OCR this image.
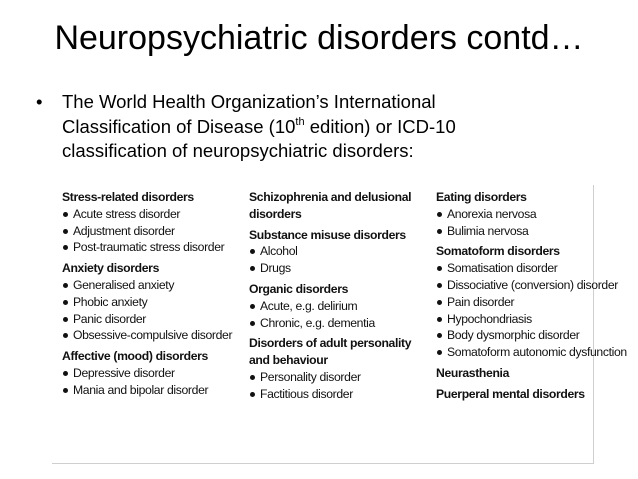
Neuropsychiatric disorders contd…
•	The World Health Organization’s International
Classification of Disease (10th edition) or ICD-10
classification of neuropsychiatric disorders:
Stress-related disorders
Acute stress disorder
Adjustment disorder
Post-traumatic stress disorder
Anxiety disorders
Generalised anxiety
Phobic anxiety
Panic disorder
Obsessive-compulsive disorder
Affective (mood) disorders
Depressive disorder
Mania and bipolar disorder
Schizophrenia and delusional
disorders
Substance misuse disorders
Alcohol
Drugs
Organic disorders
Acute, e.g. delirium
Chronic, e.g. dementia
Disorders of adult personality
and behaviour
Personality disorder
Factitious disorder
Eating disorders
Anorexia nervosa
Bulimia nervosa
Somatoform disorders
Somatisation disorder
Dissociative (conversion) disorder
Pain disorder
Hypochondriasis
Body dysmorphic disorder
Somatoform autonomic dysfunction
Neurasthenia
Puerperal mental disorders
